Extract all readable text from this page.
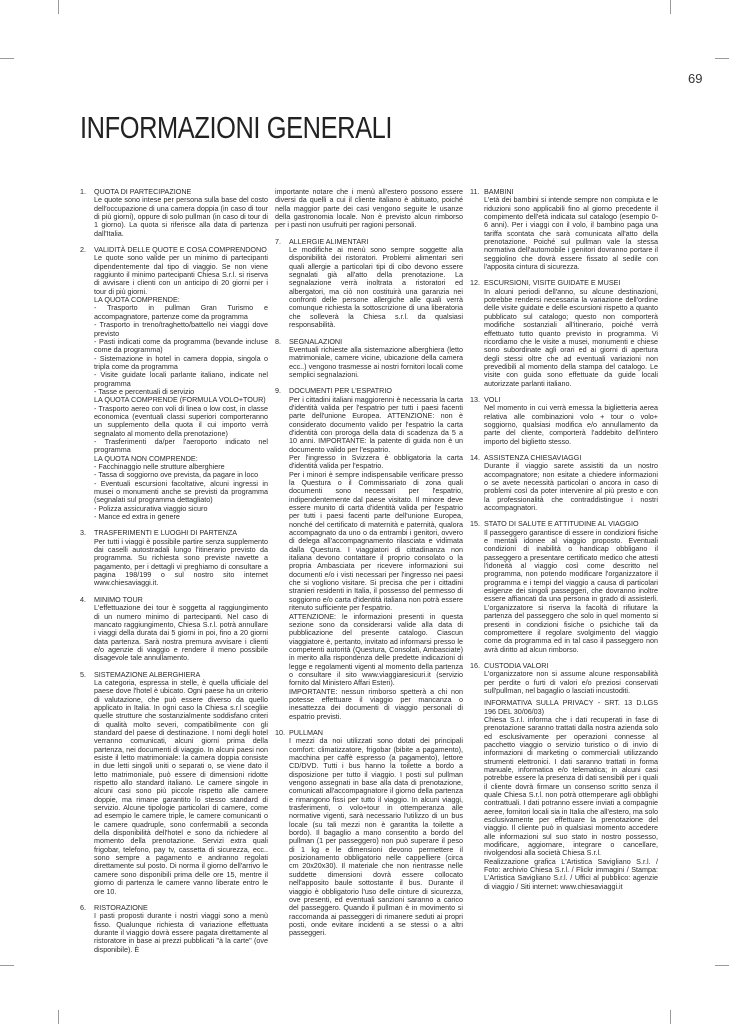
69
INFORMAZIONI GENERALI
1.	QUOTA DI PARTECIPAZIONE
Le quote sono intese per persona sulla base del costo dell'occupazione di una camera doppia (in caso di tour di più giorni), oppure di solo pullman (in caso di tour di 1 giorno). La quota si riferisce alla data di partenza dall'Italia.
2.	VALIDITÀ DELLE QUOTE E COSA COMPRENDONO
Le quote sono valide per un minimo di partecipanti dipendentemente dal tipo di viaggio. Se non viene raggiunto il minimo partecipanti Chiesa S.r.l. si riserva di avvisare i clienti con un anticipo di 20 giorni per i tour di più giorni.
LA QUOTA COMPRENDE:
- Trasporto in pullman Gran Turismo e accompagnatore, partenze come da programma
- Trasporto in treno/traghetto/battello nei viaggi dove previsto
- Pasti indicati come da programma (bevande incluse come da programma)
- Sistemazione in hotel in camera doppia, singola o tripla come da programma
- Visite guidate locali parlante italiano, indicate nel programma
- Tasse e percentuali di servizio
LA QUOTA COMPRENDE (FORMULA VOLO+TOUR)
- Trasporto aereo con voli di linea o low cost, in classe economica (eventuali classi superiori comporteranno un supplemento della quota il cui importo verrà segnalato al momento della prenotazione)
- Trasferimenti da/per l'aeroporto indicato nel programma
LA QUOTA NON COMPRENDE:
- Facchinaggio nelle strutture alberghiere
- Tassa di soggiorno ove prevista, da pagare in loco
- Eventuali escursioni facoltative, alcuni ingressi in musei o monumenti anche se previsti da programma (segnalati sul programma dettagliato)
- Polizza assicurativa viaggio sicuro
- Mance ed extra in genere
3.	TRASFERIMENTI E LUOGHI DI PARTENZA
Per tutti i viaggi è possibile partire senza supplemento dai caselli autostradali lungo l'itinerario previsto da programma. Su richiesta sono previste navette a pagamento, per i dettagli vi preghiamo di consultare a pagina 198/199 o sul nostro sito internet www.chiesaviaggi.it.
4.	MINIMO TOUR
L'effettuazione dei tour è soggetta al raggiungimento di un numero minimo di partecipanti. Nel caso di mancato raggiungimento, Chiesa S.r.l. potrà annullare i viaggi della durata dai 5 giorni in poi, fino a 20 giorni data partenza. Sarà nostra premura avvisare i clienti e/o agenzie di viaggio e rendere il meno possibile disagevole tale annullamento.
5.	SISTEMAZIONE ALBERGHIERA
La categoria, espressa in stelle, è quella ufficiale del paese dove l'hotel è ubicato. Ogni paese ha un criterio di valutazione, che può essere diverso da quello applicato in Italia. In ogni caso la Chiesa s.r.l scegliie quelle strutture che sostanzialmente soddisfano criteri di qualità molto severi, compatibilmente con gli standard del paese di destinazione. I nomi degli hotel verranno comunicati, alcuni giorni prima della partenza, nei documenti di viaggio. In alcuni paesi non esiste il letto matrimoniale: la camera doppia consiste in due letti singoli uniti o separati o, se viene dato il letto matrimoniale, può essere di dimensioni ridotte rispetto allo standard italiano. Le camere singole in alcuni casi sono più piccole rispetto alle camere doppie, ma rimane garantito lo stesso standard di servizio. Alcune tipologie particolari di camere, come ad esempio le camere triple, le camere comunicanti o le camere quadruple, sono confermabili a seconda della disponibilità dell'hotel e sono da richiedere al momento della prenotazione. Servizi extra quali frigobar, telefono, pay tv, cassetta di sicurezza, ecc.. sono sempre a pagamento e andranno regolati direttamente sul posto. Di norma il giorno dell'arrivo le camere sono disponibili prima delle ore 15, mentre il giorno di partenza le camere vanno liberate entro le ore 10.
6.	RISTORAZIONE
I pasti proposti durante i nostri viaggi sono a menù fisso. Qualunque richiesta di variazione effettuata durante il viaggio dovrà essere pagata direttamente al ristoratore in base ai prezzi pubblicati "à la carte" (ove disponibile). È
importante notare che i menù all'estero possono essere diversi da quelli a cui il cliente italiano è abituato, poiché nella maggior parte dei casi vengono seguite le usanze della gastronomia locale. Non è previsto alcun rimborso per i pasti non usufruiti per ragioni personali.
7.	ALLERGIE ALIMENTARI
Le modifiche ai menù sono sempre soggette alla disponibilità dei ristoratori. Problemi alimentari seri quali allergie a particolari tipi di cibo devono essere segnalati già all'atto della prenotazione. La segnalazione verrà inoltrata a ristoratori ed albergatori, ma ciò non costituirà una garanzia nei confronti delle persone allergiche alle quali verrà comunque richiesta la sottoscrizione di una liberatoria che solleverà la Chiesa s.r.l. da qualsiasi responsabilità.
8.	SEGNALAZIONI
Eventuali richieste alla sistemazione alberghiera (letto matrimoniale, camere vicine, ubicazione della camera ecc..) vengono trasmesse ai nostri fornitori locali come semplici segnalazioni.
9.	DOCUMENTI PER L'ESPATRIO
Per i cittadini italiani maggiorenni è necessaria la carta d'identità valida per l'espatrio per tutti i paesi facenti parte dell'unione Europea. ATTENZIONE: non è considerato documento valido per l'espatrio la carta d'identità con proroga della data di scadenza da 5 a 10 anni. IMPORTANTE: la patente di guida non è un documento valido per l'espatrio.
Per l'ingresso in Svizzera è obbligatoria la carta d'identità valida per l'espatrio.
Per i minori è sempre indispensabile verificare presso la Questura o il Commissariato di zona quali documenti sono necessari per l'espatrio, indipendentemente dal paese visitato. Il minore deve essere munito di carta d'identità valida per l'espatrio per tutti i paesi facenti parte dell'unione Europea, nonché del certificato di maternità e paternità, qualora accompagnato da uno o da entrambi i genitori, ovvero di delega all'accompagnamento rilasciata e vidimata dalla Questura. I viaggiatori di cittadinanza non italiana devono contattare il proprio consolato o la propria Ambasciata per ricevere informazioni sui documenti e/o i visti necessari per l'ingresso nei paesi che si vogliono visitare. Si precisa che per i cittadini stranieri residenti in Italia, il possesso del permesso di soggiorno e/o carta d'identità italiana non potrà essere ritenuto sufficiente per l'espatrio.
ATTENZIONE: le informazioni presenti in questa sezione sono da considerarsi valide alla data di pubblicazione del presente catalogo. Ciascun viaggiatore è, pertanto, invitato ad informarsi presso le competenti autorità (Questura, Consolati, Ambasciate) in merito alla rispondenza delle predette indicazioni di legge e regolamenti vigenti al momento della partenza o consultare il sito www.viaggiaresicuri.it (servizio fornito dal Ministero Affari Esteri).
IMPORTANTE: nessun rimborso spetterà a chi non potesse effettuare il viaggio per mancanza o inesattezza dei documenti di viaggio personali di espatrio previsti.
10. PULLMAN
I mezzi da noi utilizzati sono dotati dei principali comfort: climatizzatore, frigobar (bibite a pagamento), macchina per caffè espresso (a pagamento), lettore CD/DVD. Tutti i bus hanno la toilette a bordo a disposizione per tutto il viaggio. I posti sul pullman vengono assegnati in base alla data di prenotazione, comunicati all'accompagnatore il giorno della partenza e rimangono fissi per tutto il viaggio. In alcuni viaggi, trasferimenti, o volo+tour in ottemperanza alle normative vigenti, sarà necessario l'utilizzo di un bus locale (su tali mezzi non è garantita la toilette a bordo). Il bagaglio a mano consentito a bordo del pullman (1 per passeggero) non può superare il peso di 1 kg e le dimensioni devono permettere il posizionamento obbligatorio nelle cappelliere (circa cm 20x20x30). Il materiale che non rientrasse nelle suddette dimensioni dovrà essere collocato nell'apposito baule sottostante il bus. Durante il viaggio è obbligatorio l'uso delle cinture di sicurezza, ove presenti, ed eventuali sanzioni saranno a carico del passeggero. Quando il pullman è in movimento si raccomanda ai passeggeri di rimanere seduti ai propri posti, onde evitare incidenti a se stessi o a altri passeggeri.
11. BAMBINI
L'età dei bambini si intende sempre non compiuta e le riduzioni sono applicabili fino al giorno precedente il compimento dell'età indicata sul catalogo (esempio 0-6 anni). Per i viaggi con il volo, il bambino paga una tariffa scontata che sarà comunicata all'atto della prenotazione. Poiché sul pullman vale la stessa normativa dell'automobile i genitori dovranno portare il seggiolino che dovrà essere fissato al sedile con l'apposita cintura di sicurezza.
12. ESCURSIONI, VISITE GUIDATE E MUSEI
In alcuni periodi dell'anno, su alcune destinazioni, potrebbe rendersi necessaria la variazione dell'ordine delle visite guidate e delle escursioni rispetto a quanto pubblicato sul catalogo; questo non comporterà modifiche sostanziali all'itinerario, poiché verrà effettuato tutto quanto previsto in programma. Vi ricordiamo che le visite a musei, monumenti e chiese sono subordinate agli orari ed ai giorni di apertura degli stessi oltre che ad eventuali variazioni non prevedibili al momento della stampa del catalogo. Le visite con guida sono effettuate da guide locali autorizzate parlanti italiano.
13. VOLI
Nel momento in cui verrà emessa la biglietteria aerea relativa alle combinazioni volo + tour o volo+ soggiorno, qualsiasi modifica e/o annullamento da parte del cliente, comporterà l'addebito dell'intero importo del biglietto stesso.
14. ASSISTENZA CHIESAVIAGGI
Durante il viaggio sarete assistiti da un nostro accompagnatore; non esitate a chiedere informazioni o se avete necessità particolari o ancora in caso di problemi così da poter intervenire al più presto e con la professionalità che contraddistingue i nostri accompagnatori.
15. STATO DI SALUTE E ATTITUDINE AL VIAGGIO
Il passeggero garantisce di essere in condizioni fisiche e mentali idonee al viaggio proposto. Eventuali condizioni di inabilità o handicap obbligano il passeggero a presentare certificato medico che attesti l'idoneità al viaggio così come descritto nel programma, non potendo modificare l'organizzatore il programma e i tempi del viaggio a causa di particolari esigenze dei singoli passeggeri, che dovranno inoltre essere affiancati da una persona in grado di assisterli. L'organizzatore si riserva la facoltà di rifiutare la partenza del passeggero che solo in quel momento si presenti in condizioni fisiche o psichiche tali da compromettere il regolare svolgimento del viaggio come da programma ed in tal caso il passeggero non avrà diritto ad alcun rimborso.
16. CUSTODIA VALORI
L'organizzatore non si assume alcune responsabilità per perdite o furti di valori e/o preziosi conservati sull'pullman, nel bagaglio o lasciati incustoditi.
INFORMATIVA SULLA PRIVACY - SRT. 13 D.LGS 196 DEL 30/06/03)
Chiesa S.r.l. informa che i dati recuperati in fase di prenotazione saranno trattati dalla nostra azienda solo ed esclusivamente per operazioni connesse al pacchetto viaggio o servizio turistico o di invio di informazioni di marketing o commerciali utilizzando strumenti elettronici. I dati saranno trattati in forma manuale, informatica e/o telematica; in alcuni casi potrebbe essere la presenza di dati sensibili per i quali il cliente dovrà firmare un consenso scritto senza il quale Chiesa S.r.l. non potrà ottemperare agli obblighi contrattuali. I dati potranno essere inviati a compagnie aeree, fornitori locali sia in Italia che all'estero, ma solo esclusivamente per effettuare la prenotazione del viaggio. Il cliente può in qualsiasi momento accedere alle informazioni sul suo stato in nostro possesso, modificare, aggiornare, integrare o cancellare, rivolgendosi alla società Chiesa S.r.l.
Realizzazione grafica L'Artistica Savigliano S.r.l. / Foto: archivio Chiesa S.r.l. / Flickr immagini / Stampa: L'Artistica Savigliano S.r.l. / Uffici al pubblico: agenzie di viaggio / Siti internet: www.chiesaviaggi.it
